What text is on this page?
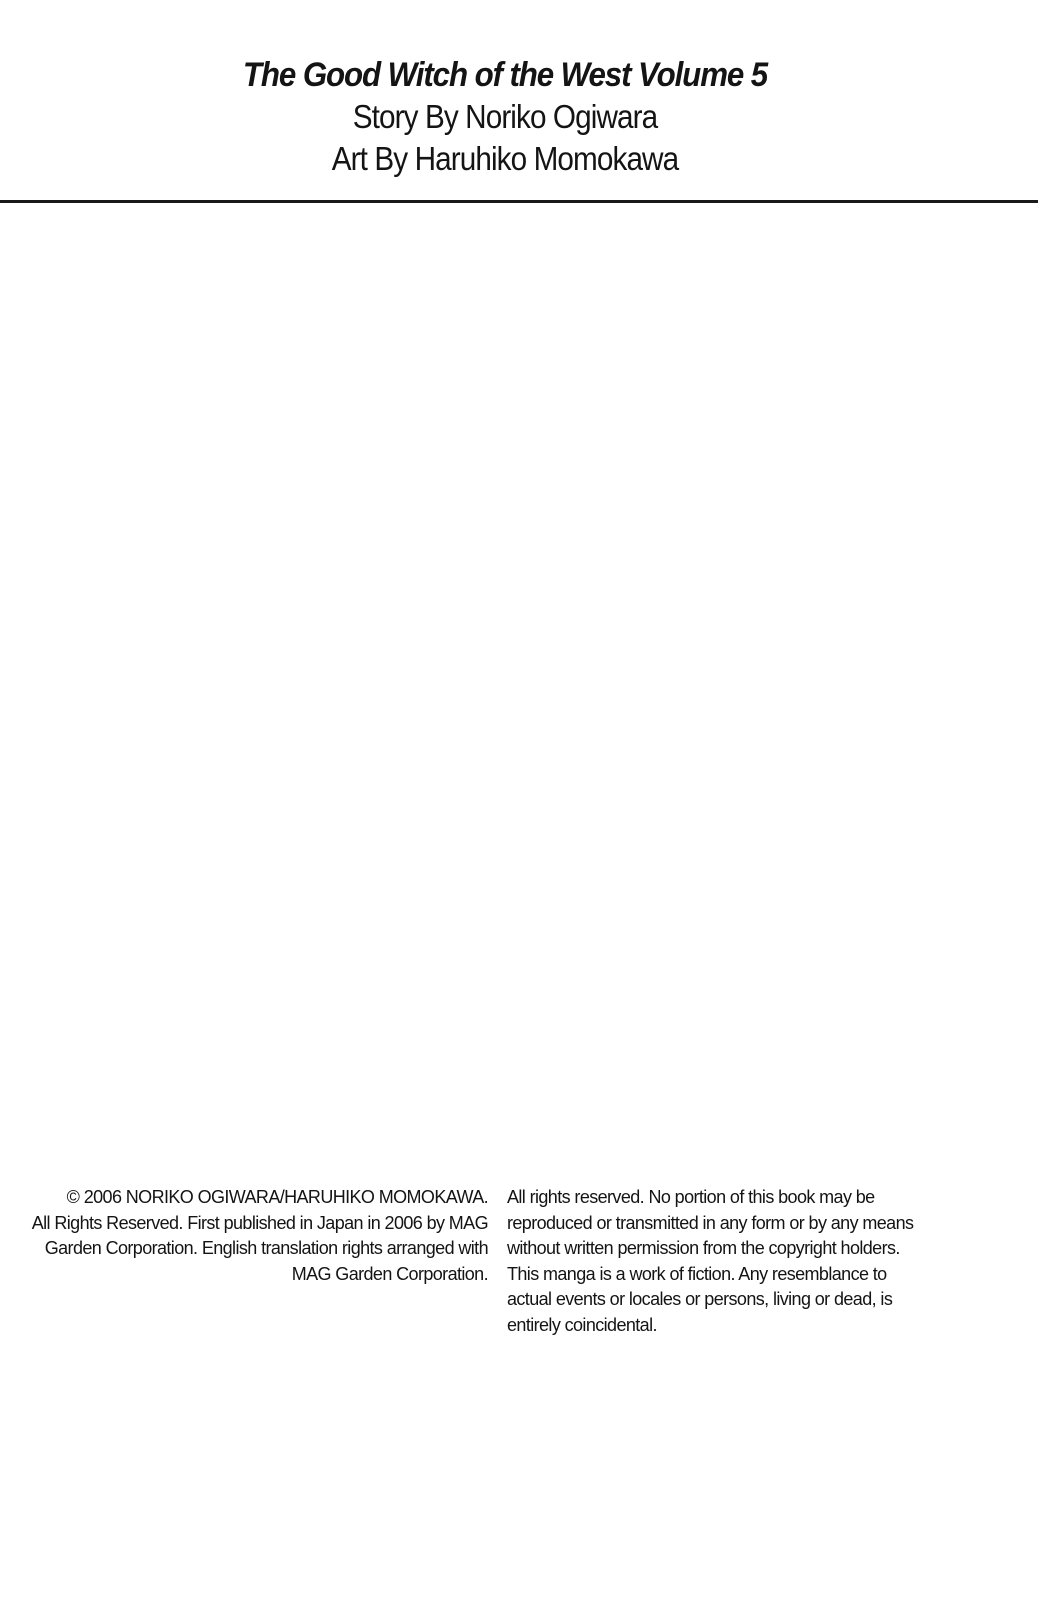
The Good Witch of the West Volume 5

Story By Noriko Ogiwara

Art By Haruhiko Momokawa

© 2006 NORIKO OGIWARA/HARUHIKO MOMOKAWA.
All Rights Reserved. First published in Japan in 2006 by MAG
Garden Corporation. English translation rights arranged with
MAG Garden Corporation.
All rights reserved. No portion of this book may be
reproduced or transmitted in any form or by any means
without written permission from the copyright holders.
This manga is a work of fiction. Any resemblance to
actual events or locales or persons, living or dead, is
entirely coincidental.
